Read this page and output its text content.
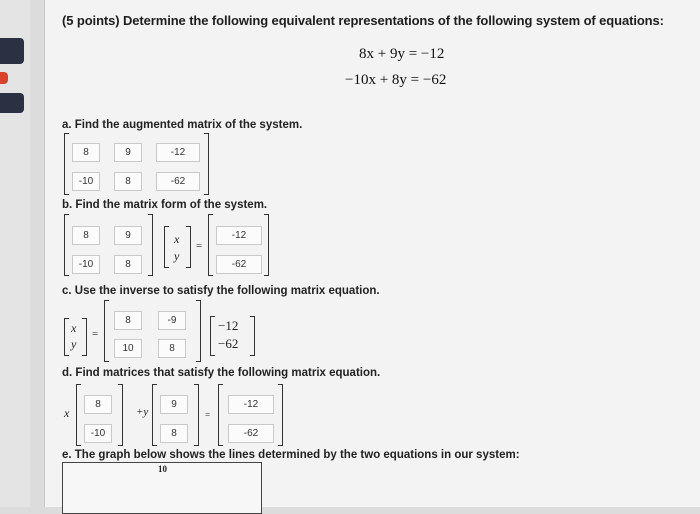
(5 points) Determine the following equivalent representations of the following system of equations:
8x + 9y = −12
−10x + 8y = −62
a. Find the augmented matrix of the system.
8	9	-12
-10	8	-62
b. Find the matrix form of the system.
8	9
-10	8
x
y
=
-12
-62
c. Use the inverse to satisfy the following matrix equation.
x
y
=
8	-9
10	8
−12
−62
d. Find matrices that satisfy the following matrix equation.
x
8
-10
+y
9
8
=
-12
-62
e. The graph below shows the lines determined by the two equations in our system:
10
